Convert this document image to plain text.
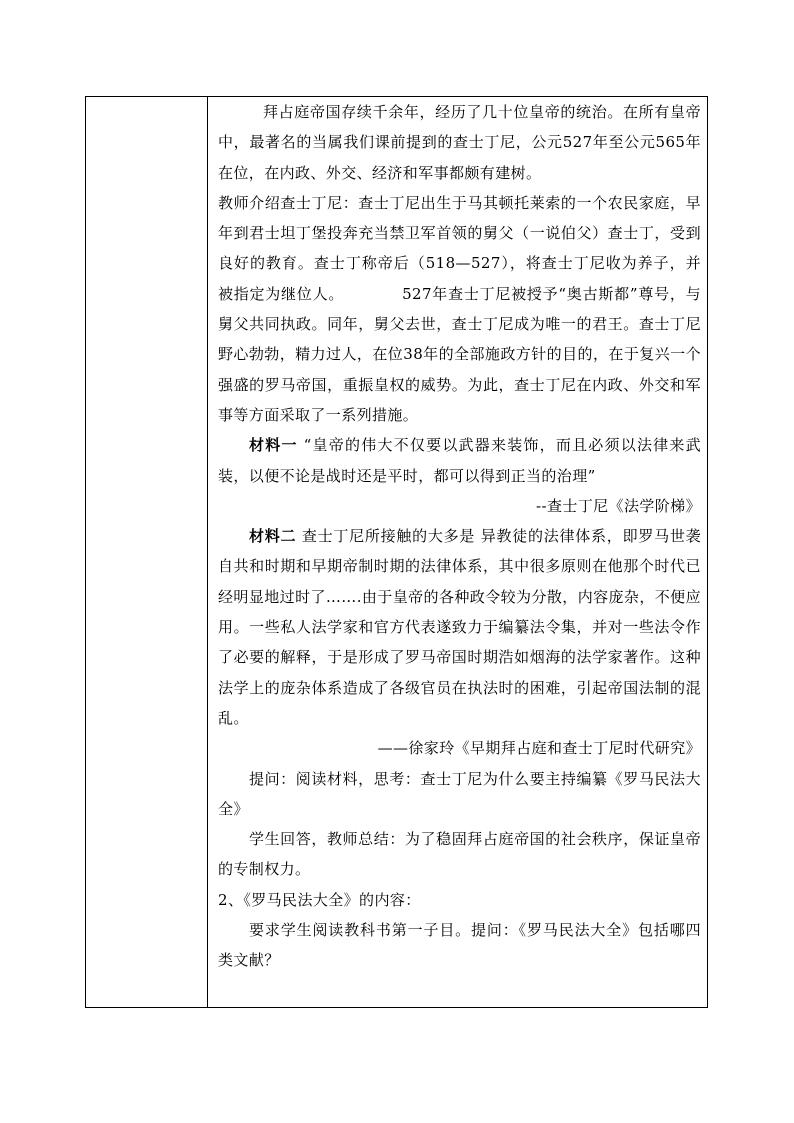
拜占庭帝国存续千余年，经历了几十位皇帝的统治。在所有皇帝中，最著名的当属我们课前提到的查士丁尼，公元527年至公元565年在位，在内政、外交、经济和军事都颇有建树。

教师介绍查士丁尼：查士丁尼出生于马其顿托莱索的一个农民家庭，早年到君士坦丁堡投奔充当禁卫军首领的舅父（一说伯父）查士丁，受到良好的教育。查士丁称帝后（518—527），将查士丁尼收为养子，并被指定为继位人。	527年查士丁尼被授予“奥古斯都”尊号，与舅父共同执政。同年，舅父去世，查士丁尼成为唯一的君王。查士丁尼野心勃勃，精力过人，在位38年的全部施政方针的目的，在于复兴一个强盛的罗马帝国，重振皇权的威势。为此，查士丁尼在内政、外交和军事等方面采取了一系列措施。

材料一 “皇帝的伟大不仅要以武器来装饰，而且必须以法律来武装，以便不论是战时还是平时，都可以得到正当的治理”

--查士丁尼《法学阶梯》

材料二 查士丁尼所接触的大多是 异教徒的法律体系，即罗马世袭自共和时期和早期帝制时期的法律体系，其中很多原则在他那个时代已经明显地过时了…….由于皇帝的各种政令较为分散，内容庞杂，不便应用。一些私人法学家和官方代表遂致力于编纂法令集，并对一些法令作了必要的解释，于是形成了罗马帝国时期浩如烟海的法学家著作。这种法学上的庞杂体系造成了各级官员在执法时的困难，引起帝国法制的混乱。

——徐家玲《早期拜占庭和查士丁尼时代研究》

提问：阅读材料，思考：查士丁尼为什么要主持编纂《罗马民法大全》

学生回答，教师总结：为了稳固拜占庭帝国的社会秩序，保证皇帝的专制权力。

2、《罗马民法大全》的内容：

要求学生阅读教科书第一子目。提问：《罗马民法大全》包括哪四类文献？
